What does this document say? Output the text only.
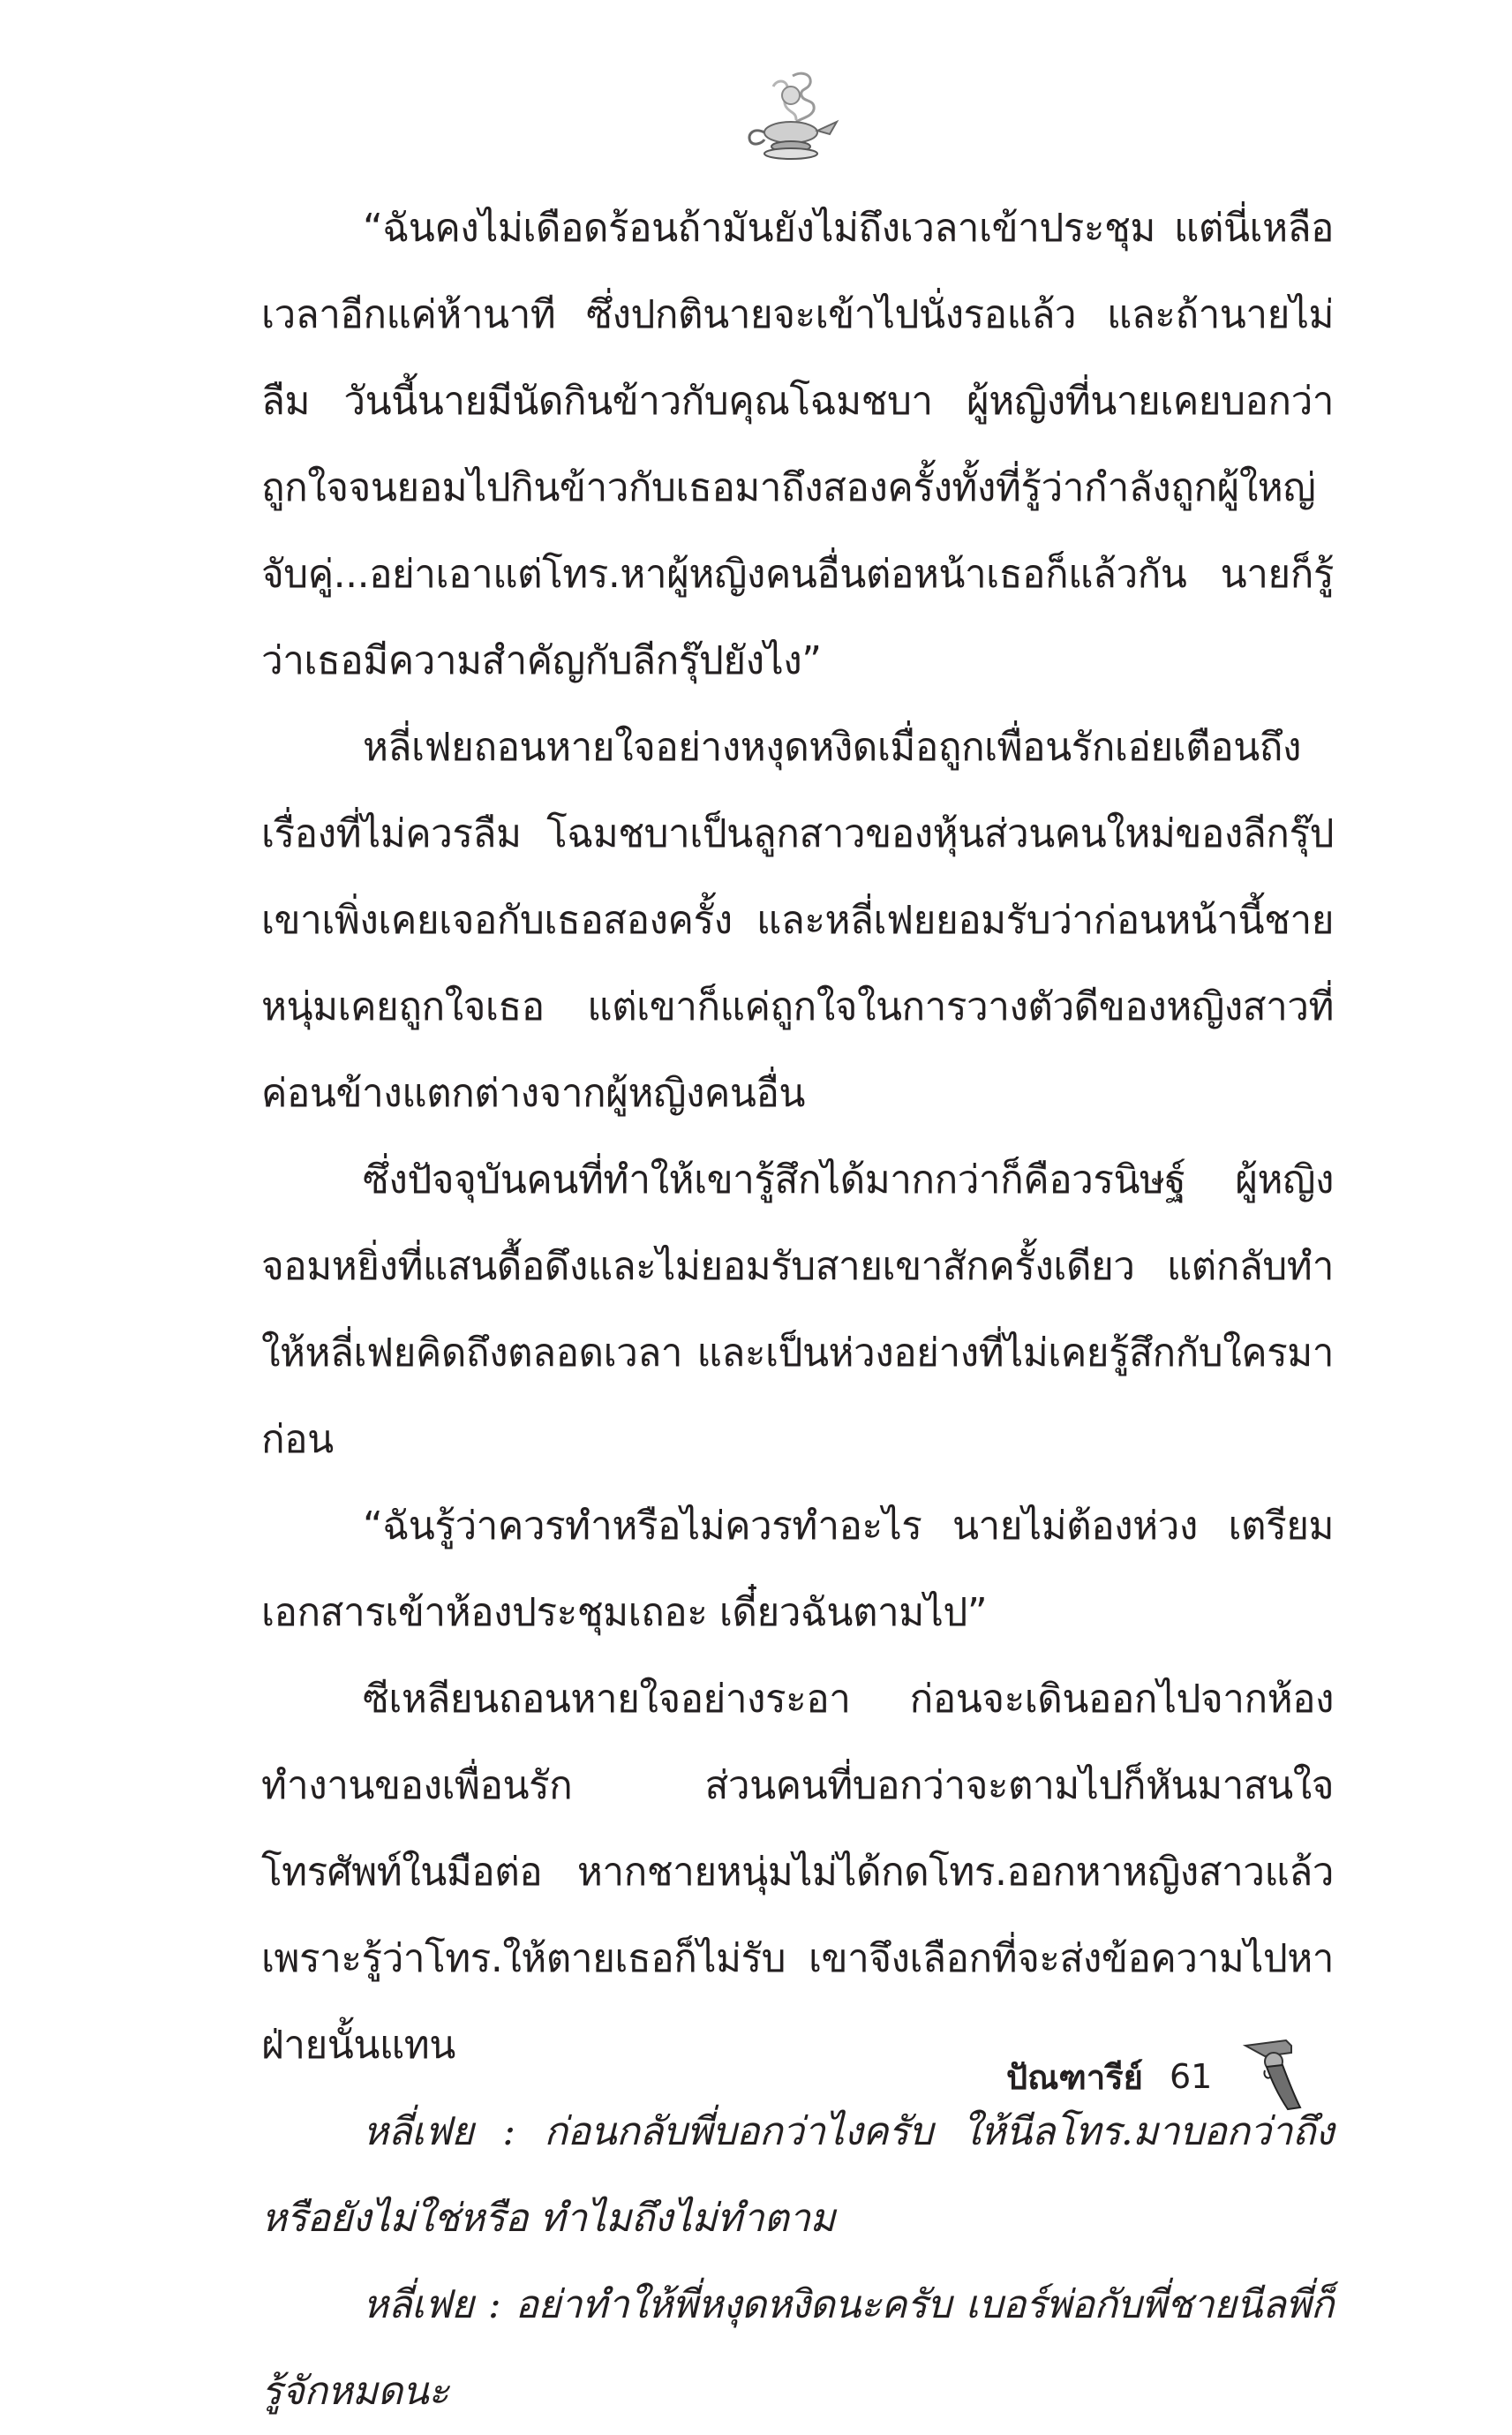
“ฉันคงไม่เดือดร้อนถ้ามันยังไม่ถึงเวลาเข้าประชุม แต่นี่เหลือเวลาอีกแค่ห้านาที ซึ่งปกตินายจะเข้าไปนั่งรอแล้ว และถ้านายไม่ลืม วันนี้นายมีนัดกินข้าวกับคุณโฉมชบา ผู้หญิงที่นายเคยบอกว่าถูกใจจนยอมไปกินข้าวกับเธอมาถึงสองครั้งทั้งที่รู้ว่ากำลังถูกผู้ใหญ่จับคู่...อย่าเอาแต่โทร.หาผู้หญิงคนอื่นต่อหน้าเธอก็แล้วกัน นายก็รู้ว่าเธอมีความสำคัญกับลีกรุ๊ปยังไง”

หลี่เฟยถอนหายใจอย่างหงุดหงิดเมื่อถูกเพื่อนรักเอ่ยเตือนถึงเรื่องที่ไม่ควรลืม โฉมชบาเป็นลูกสาวของหุ้นส่วนคนใหม่ของลีกรุ๊ป เขาเพิ่งเคยเจอกับเธอสองครั้ง และหลี่เฟยยอมรับว่าก่อนหน้านี้ชายหนุ่มเคยถูกใจเธอ แต่เขาก็แค่ถูกใจในการวางตัวดีของหญิงสาวที่ค่อนข้างแตกต่างจากผู้หญิงคนอื่น

ซึ่งปัจจุบันคนที่ทำให้เขารู้สึกได้มากกว่าก็คือวรนิษฐ์ ผู้หญิงจอมหยิ่งที่แสนดื้อดึงและไม่ยอมรับสายเขาสักครั้งเดียว แต่กลับทำให้หลี่เฟยคิดถึงตลอดเวลา และเป็นห่วงอย่างที่ไม่เคยรู้สึกกับใครมาก่อน

“ฉันรู้ว่าควรทำหรือไม่ควรทำอะไร นายไม่ต้องห่วง เตรียมเอกสารเข้าห้องประชุมเถอะ เดี๋ยวฉันตามไป”

ซีเหลียนถอนหายใจอย่างระอา ก่อนจะเดินออกไปจากห้องทำงานของเพื่อนรัก ส่วนคนที่บอกว่าจะตามไปก็หันมาสนใจโทรศัพท์ในมือต่อ หากชายหนุ่มไม่ได้กดโทร.ออกหาหญิงสาวแล้ว เพราะรู้ว่าโทร.ให้ตายเธอก็ไม่รับ เขาจึงเลือกที่จะส่งข้อความไปหาฝ่ายนั้นแทน

หลี่เฟย : ก่อนกลับพี่บอกว่าไงครับ ให้นีลโทร.มาบอกว่าถึงหรือยังไม่ใช่หรือ ทำไมถึงไม่ทำตาม

หลี่เฟย : อย่าทำให้พี่หงุดหงิดนะครับ เบอร์พ่อกับพี่ชายนีลพี่ก็รู้จักหมดนะ

ปัณฑารีย์ 61
